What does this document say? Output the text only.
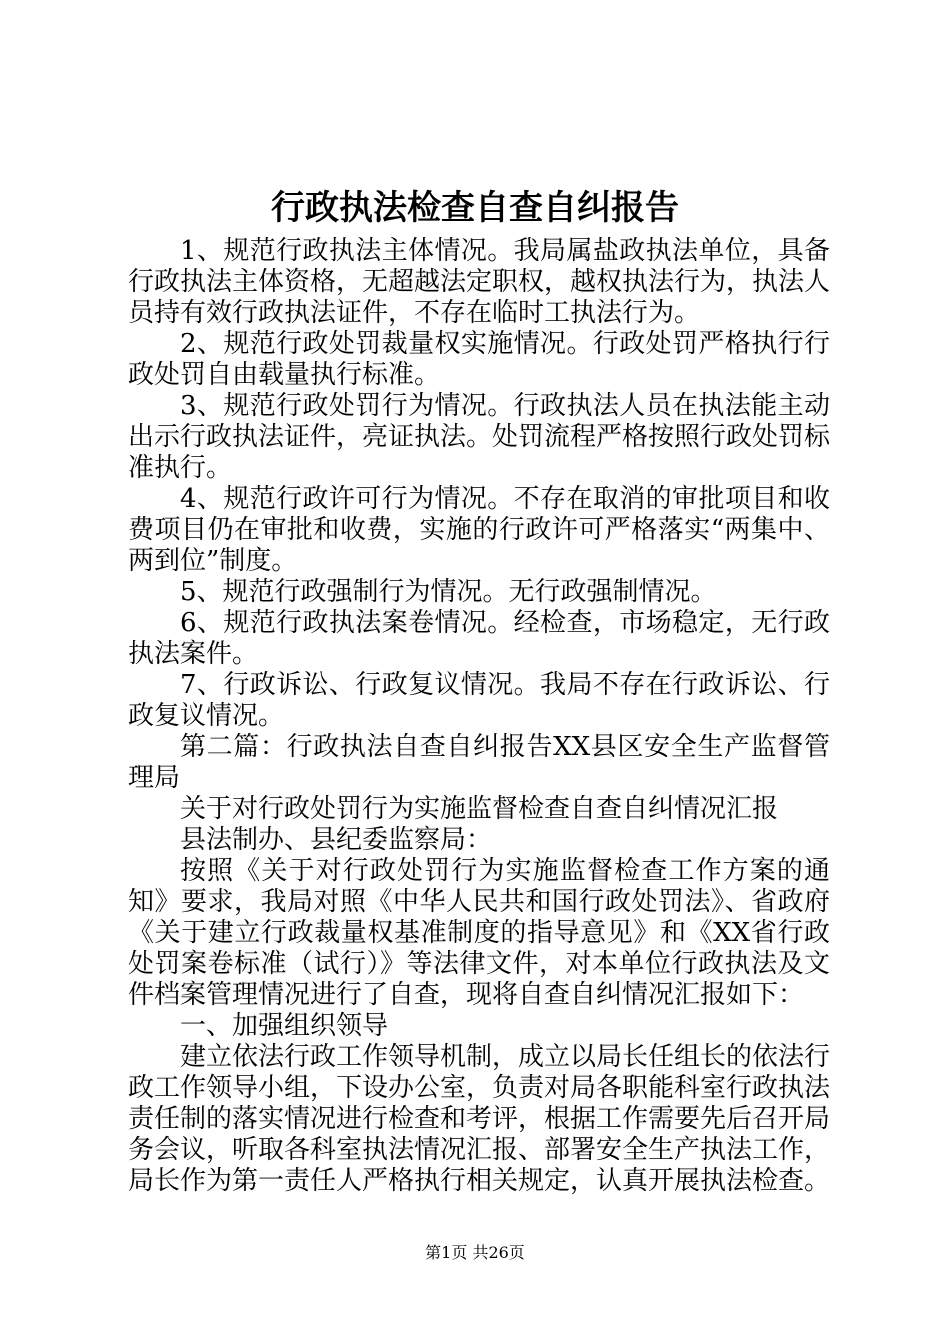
行政执法检查自查自纠报告

1、规范行政执法主体情况。我局属盐政执法单位，具备行政执法主体资格，无超越法定职权，越权执法行为，执法人员持有效行政执法证件，不存在临时工执法行为。

2、规范行政处罚裁量权实施情况。行政处罚严格执行行政处罚自由载量执行标准。

3、规范行政处罚行为情况。行政执法人员在执法能主动出示行政执法证件，亮证执法。处罚流程严格按照行政处罚标准执行。

4、规范行政许可行为情况。不存在取消的审批项目和收费项目仍在审批和收费，实施的行政许可严格落实“两集中、两到位”制度。

5、规范行政强制行为情况。无行政强制情况。

6、规范行政执法案卷情况。经检查，市场稳定，无行政执法案件。

7、行政诉讼、行政复议情况。我局不存在行政诉讼、行政复议情况。

第二篇：行政执法自查自纠报告XX县区安全生产监督管理局

关于对行政处罚行为实施监督检查自查自纠情况汇报

县法制办、县纪委监察局：

按照《关于对行政处罚行为实施监督检查工作方案的通知》要求，我局对照《中华人民共和国行政处罚法》、省政府《关于建立行政裁量权基准制度的指导意见》和《XX省行政处罚案卷标准（试行）》等法律文件，对本单位行政执法及文件档案管理情况进行了自查，现将自查自纠情况汇报如下：

一、加强组织领导

建立依法行政工作领导机制，成立以局长任组长的依法行政工作领导小组，下设办公室，负责对局各职能科室行政执法责任制的落实情况进行检查和考评，根据工作需要先后召开局务会议，听取各科室执法情况汇报、部署安全生产执法工作，局长作为第一责任人严格执行相关规定，认真开展执法检查。

第1页 共26页
